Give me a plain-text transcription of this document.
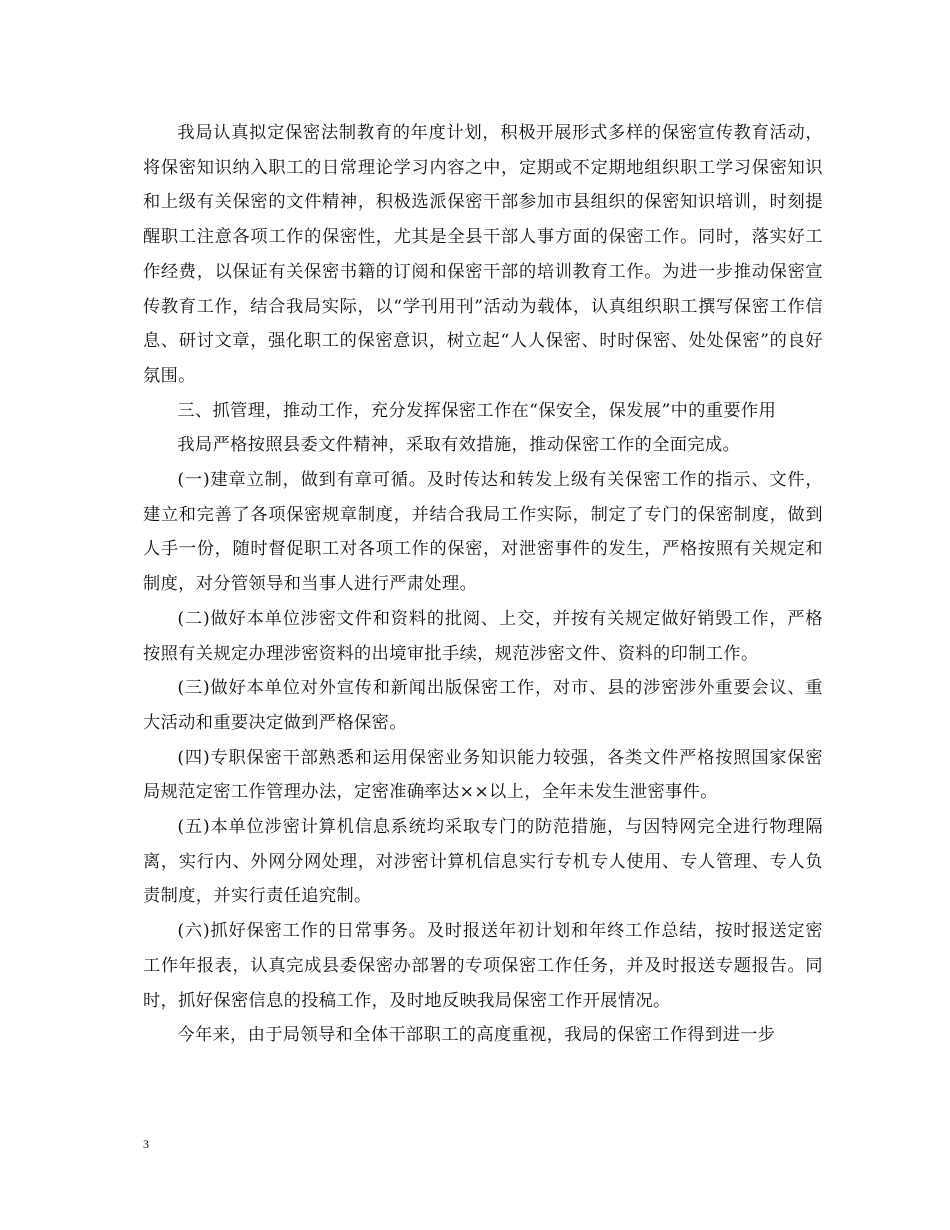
我局认真拟定保密法制教育的年度计划，积极开展形式多样的保密宣传教育活动，将保密知识纳入职工的日常理论学习内容之中，定期或不定期地组织职工学习保密知识和上级有关保密的文件精神，积极选派保密干部参加市县组织的保密知识培训，时刻提醒职工注意各项工作的保密性，尤其是全县干部人事方面的保密工作。同时，落实好工作经费，以保证有关保密书籍的订阅和保密干部的培训教育工作。为进一步推动保密宣传教育工作，结合我局实际，以“学刊用刊”活动为载体，认真组织职工撰写保密工作信息、研讨文章，强化职工的保密意识，树立起“人人保密、时时保密、处处保密”的良好氛围。

三、抓管理，推动工作，充分发挥保密工作在“保安全，保发展”中的重要作用

我局严格按照县委文件精神，采取有效措施，推动保密工作的全面完成。

(一)建章立制，做到有章可循。及时传达和转发上级有关保密工作的指示、文件，建立和完善了各项保密规章制度，并结合我局工作实际，制定了专门的保密制度，做到人手一份，随时督促职工对各项工作的保密，对泄密事件的发生，严格按照有关规定和制度，对分管领导和当事人进行严肃处理。

(二)做好本单位涉密文件和资料的批阅、上交，并按有关规定做好销毁工作，严格按照有关规定办理涉密资料的出境审批手续，规范涉密文件、资料的印制工作。

(三)做好本单位对外宣传和新闻出版保密工作，对市、县的涉密涉外重要会议、重大活动和重要决定做到严格保密。

(四)专职保密干部熟悉和运用保密业务知识能力较强，各类文件严格按照国家保密局规范定密工作管理办法，定密准确率达××以上，全年未发生泄密事件。

(五)本单位涉密计算机信息系统均采取专门的防范措施，与因特网完全进行物理隔离，实行内、外网分网处理，对涉密计算机信息实行专机专人使用、专人管理、专人负责制度，并实行责任追究制。

(六)抓好保密工作的日常事务。及时报送年初计划和年终工作总结，按时报送定密工作年报表，认真完成县委保密办部署的专项保密工作任务，并及时报送专题报告。同时，抓好保密信息的投稿工作，及时地反映我局保密工作开展情况。

今年来，由于局领导和全体干部职工的高度重视，我局的保密工作得到进一步

3
